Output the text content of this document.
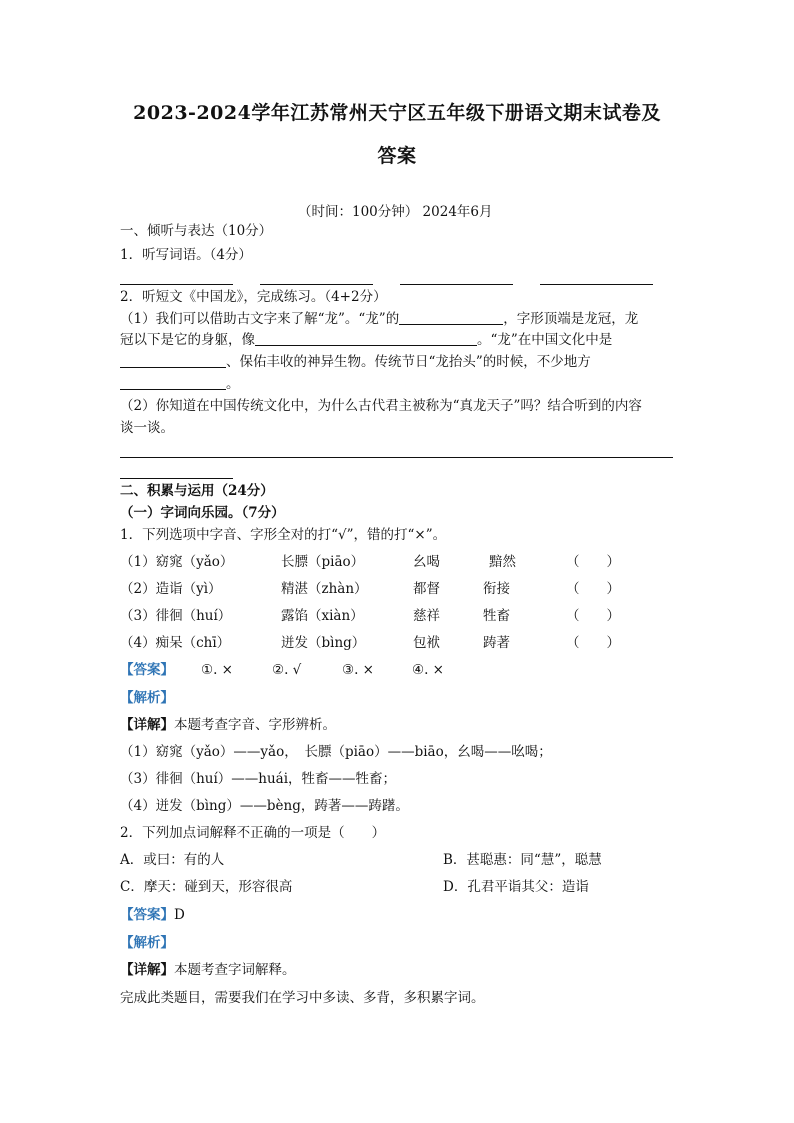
2023-2024学年江苏常州天宁区五年级下册语文期末试卷及
答案
（时间：100分钟） 2024年6月
一、倾听与表达（10分）
1．听写词语。（4分）
2．听短文《中国龙》，完成练习。（4+2分）
（1）我们可以借助古文字来了解“龙”。“龙”的	，字形顶端是龙冠，龙
冠以下是它的身躯，像	。“龙”在中国文化中是
、保佑丰收的神异生物。传统节日“龙抬头”的时候，不少地方
。
（2）你知道在中国传统文化中，为什么古代君主被称为“真龙天子”吗？结合听到的内容
谈一谈。
二、积累与运用（24分）
（一）字词向乐园。（7分）
1．下列选项中字音、字形全对的打“√”，错的打“×”。
（1）窈窕（yǎo）	长膘（piāo）	幺喝	黯然	（　　）
（2）造诣（yì）	精湛（zhàn）	都督	衔接	（　　）
（3）徘徊（huí）	露馅（xiàn）	慈祥	牲畜	（　　）
（4）痴呆（chī）	迸发（bìng）	包袱	踌著	（　　）
【答案】 ①. ×	②. √	③. ×	④. ×
【解析】
【详解】本题考查字音、字形辨析。
（1）窈窕（yǎo）——yǎo，　长膘（piāo）——biāo，幺喝——吆喝；
（3）徘徊（huí）——huái，牲畜——牲畜；
（4）迸发（bìng）——bèng，踌著——踌躇。
2．下列加点词解释不正确的一项是（　　）
A．或曰：有的人	B．甚聪惠：同“慧”，聪慧
C．摩天：碰到天，形容很高	D．孔君平诣其父：造诣
【答案】D
【解析】
【详解】本题考查字词解释。
完成此类题目，需要我们在学习中多读、多背，多积累字词。
